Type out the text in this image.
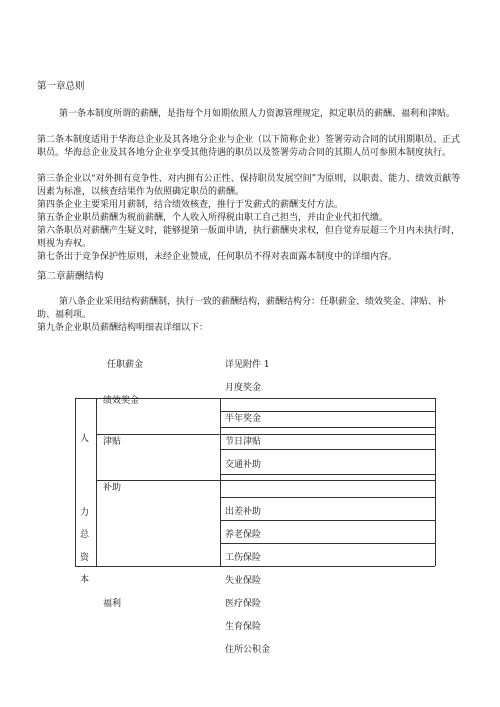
第一章总则

第一条本制度所谓的薪酬，是指每个月如期依照人力资源管理规定，拟定职员的薪酬、福利和津贴。

第二条本制度适用于华海总企业及其各地分企业与企业（以下简称企业）签署劳动合同的试用期职员、正式职员。华海总企业及其各地分企业享受其他待遇的职员以及签署劳动合同的其期人员可参照本制度执行。

第三条企业以“对外拥有竞争性、对内拥有公正性、保持职员发展空间”为原则，以职责、能力、绩效贡献等因素为标准，以核查结果作为依照确定职员的薪酬。

第四条企业主要采用月薪制，结合绩效核查，推行于发薪式的薪酬支付方法。

第五条企业职员薪酬为税前薪酬，个人收入所得税由职工自己担当，并由企业代扣代缴。

第六条职员对薪酬产生疑义时，能够提第一版面申请，执行薪酬央求权，但自觉弃辰超三个月内未执行时，则视为弃权。

第七条出于竞争保护性原则，未经企业赞成，任何职员不得对表面露本制度中的详细内容。

第二章薪酬结构

第八条企业采用结构薪酬制，执行一致的薪酬结构，薪酬结构分：任职薪金、绩效奖金、津贴、补助、福利项。

第九条企业职员薪酬结构明细表详细以下：

任职薪金	详见附件 1
月度奖金
人
力
总
资
本
绩效奖金
津贴
补助
福利
半年奖金
节日津贴
交通补助
出差补助
养老保险
工伤保险
失业保险
医疗保险
生育保险
住所公积金
